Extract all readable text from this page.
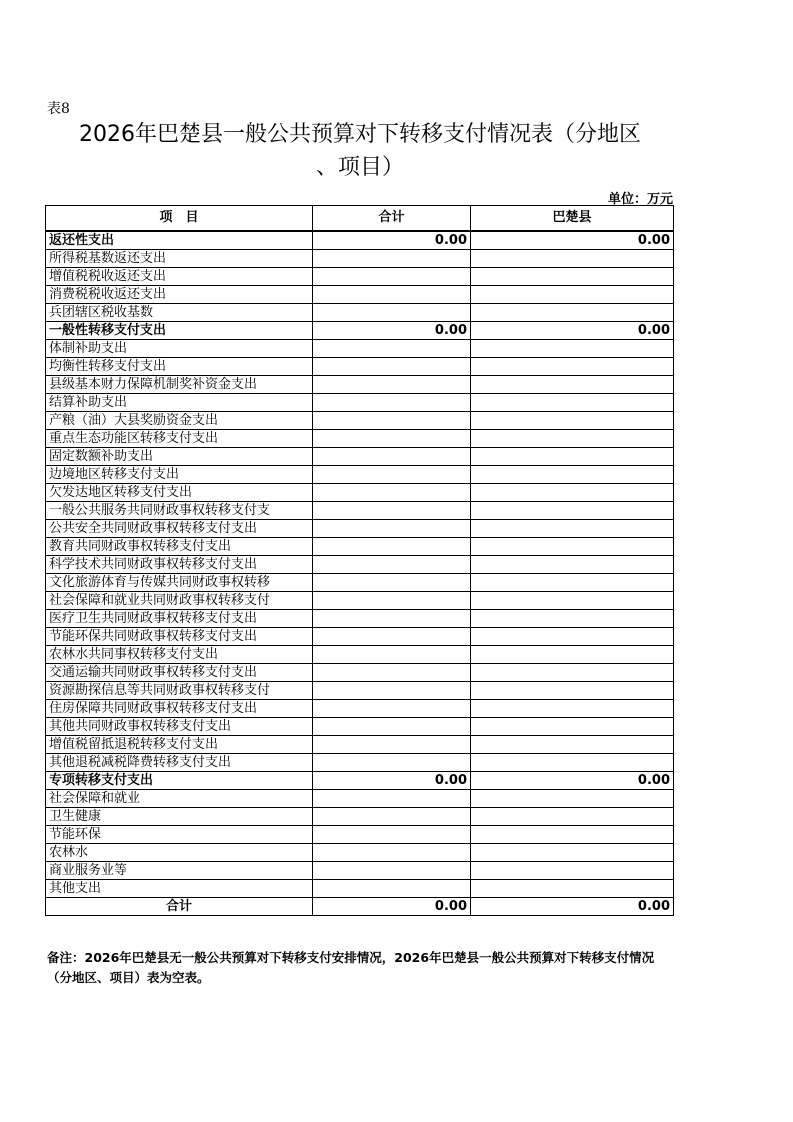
表8
2026年巴楚县一般公共预算对下转移支付情况表（分地区
、项目）
单位：万元
项　目	合计	巴楚县
返还性支出	0.00	0.00
所得税基数返还支出		
增值税税收返还支出		
消费税税收返还支出		
兵团辖区税收基数		
一般性转移支付支出	0.00	0.00
体制补助支出		
均衡性转移支付支出		
县级基本财力保障机制奖补资金支出		
结算补助支出		
产粮（油）大县奖励资金支出		
重点生态功能区转移支付支出		
固定数额补助支出		
边境地区转移支付支出		
欠发达地区转移支付支出		
一般公共服务共同财政事权转移支付支		
公共安全共同财政事权转移支付支出		
教育共同财政事权转移支付支出		
科学技术共同财政事权转移支付支出		
文化旅游体育与传媒共同财政事权转移		
社会保障和就业共同财政事权转移支付		
医疗卫生共同财政事权转移支付支出		
节能环保共同财政事权转移支付支出		
农林水共同事权转移支付支出		
交通运输共同财政事权转移支付支出		
资源勘探信息等共同财政事权转移支付		
住房保障共同财政事权转移支付支出		
其他共同财政事权转移支付支出		
增值税留抵退税转移支付支出		
其他退税减税降费转移支付支出		
专项转移支付支出	0.00	0.00
社会保障和就业		
卫生健康		
节能环保		
农林水		
商业服务业等		
其他支出		
合计	0.00	0.00
备注：2026年巴楚县无一般公共预算对下转移支付安排情况，2026年巴楚县一般公共预算对下转移支付情况（分地区、项目）表为空表。
